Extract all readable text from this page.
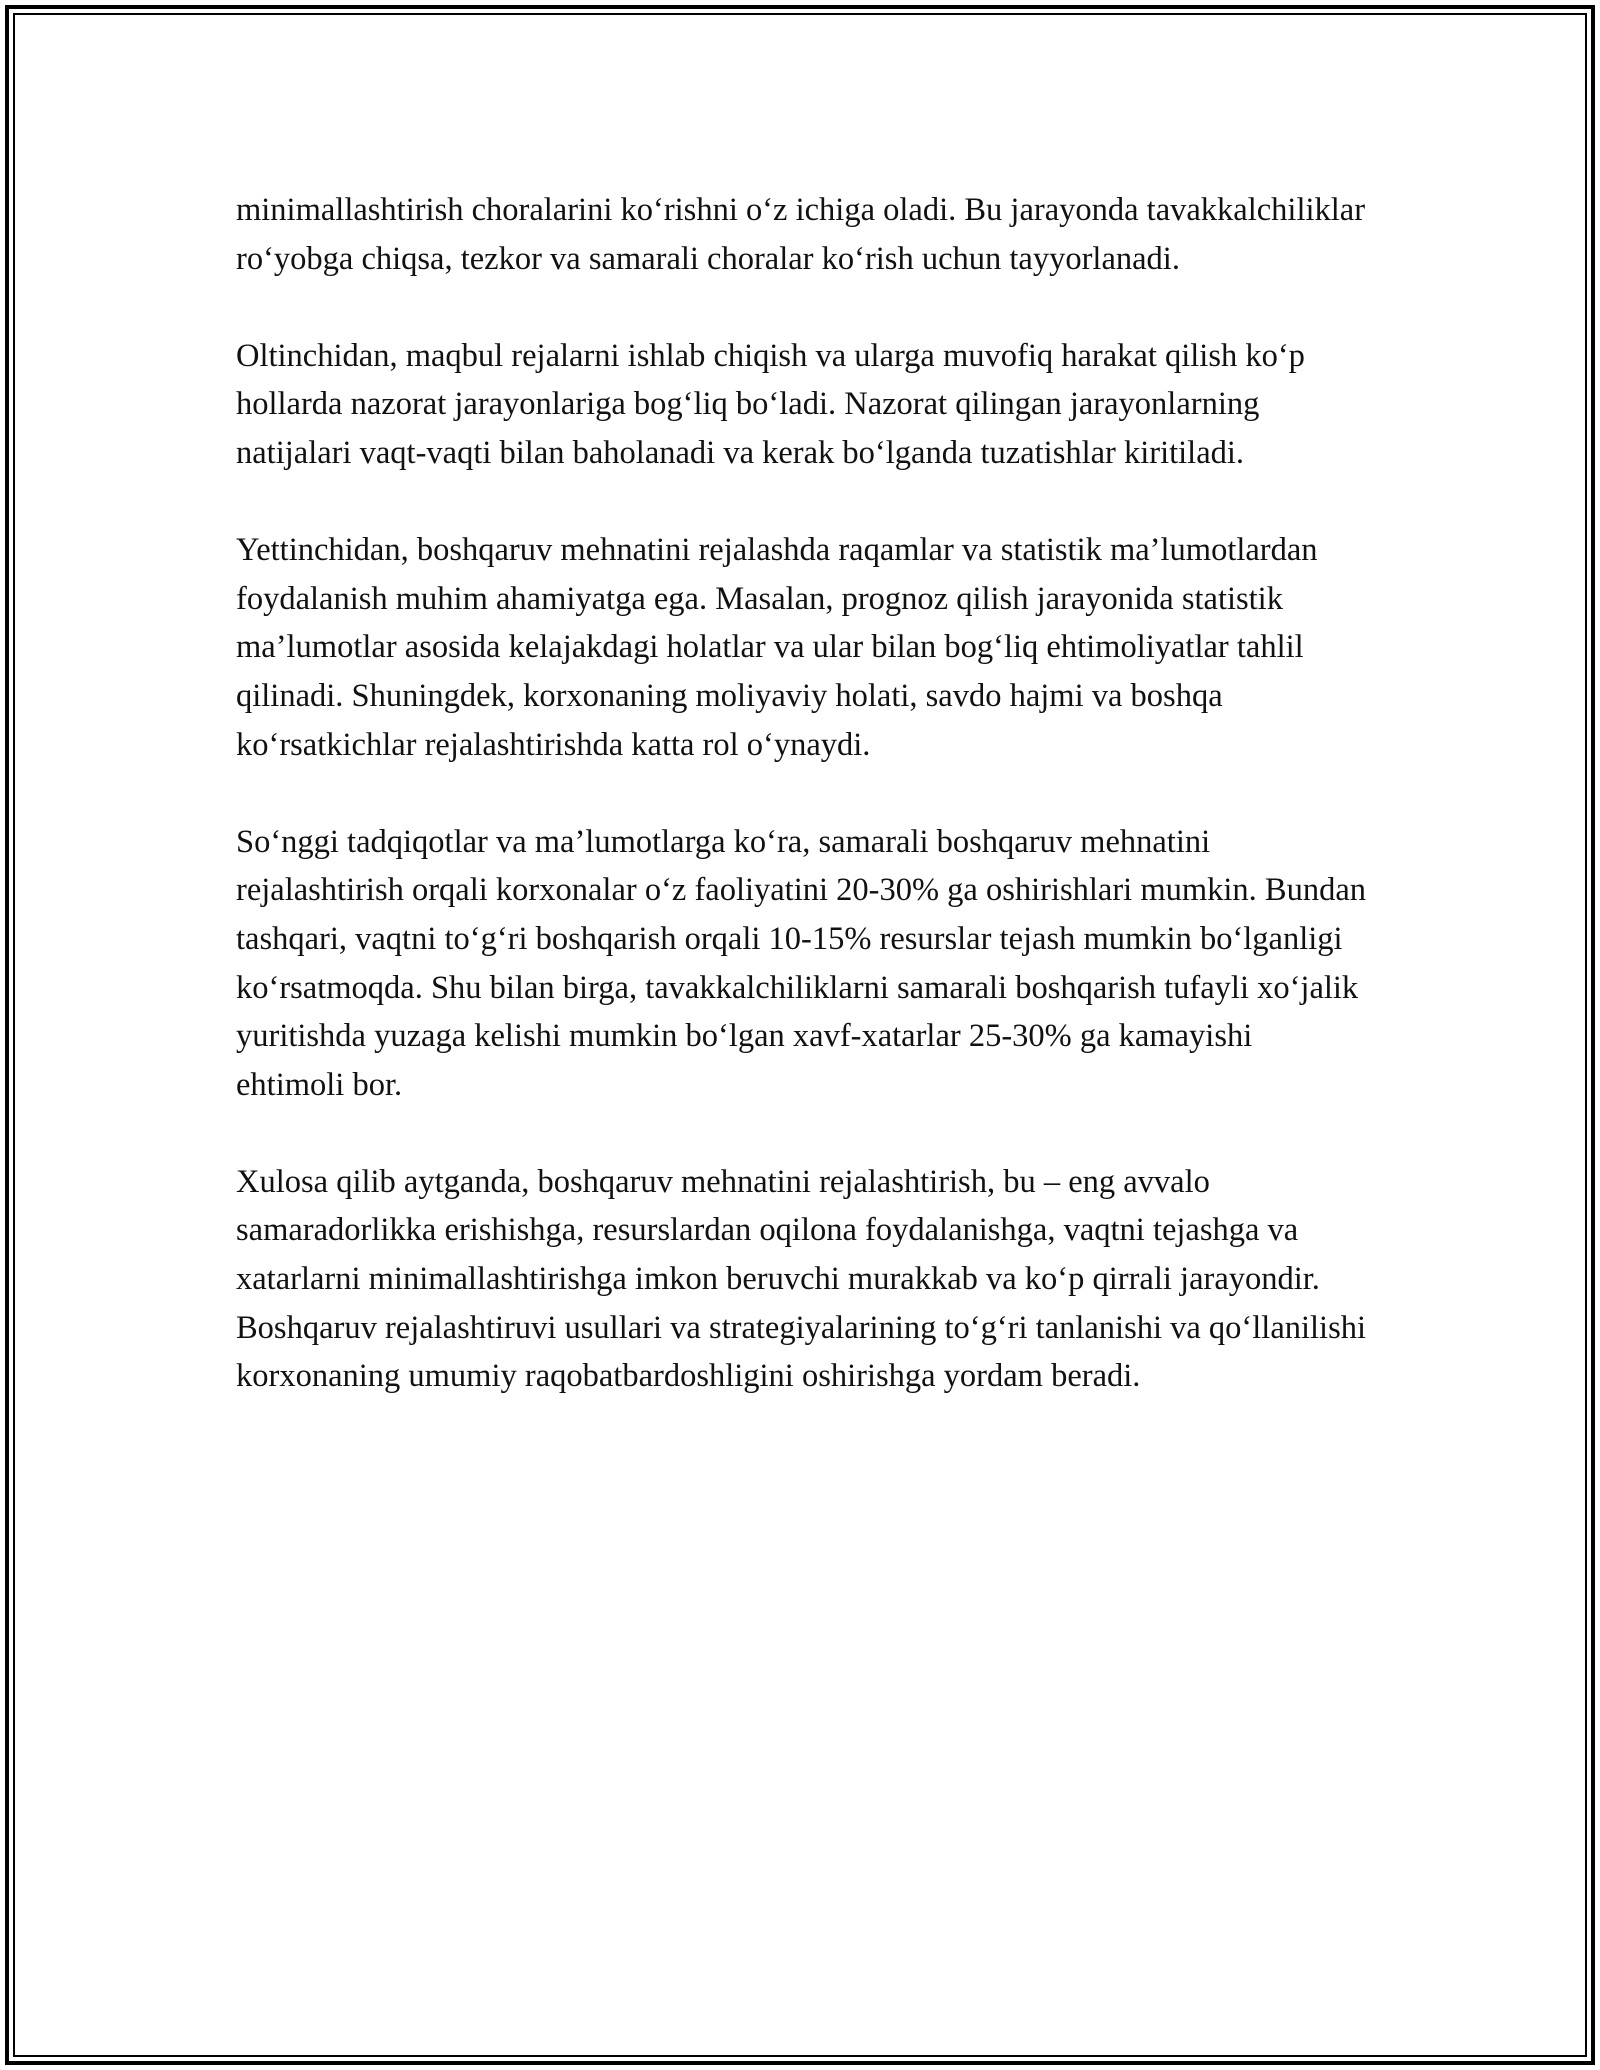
minimallashtirish choralarini ko‘rishni o‘z ichiga oladi. Bu jarayonda tavakkalchiliklar ro‘yobga chiqsa, tezkor va samarali choralar ko‘rish uchun tayyorlanadi.

Oltinchidan, maqbul rejalarni ishlab chiqish va ularga muvofiq harakat qilish ko‘p hollarda nazorat jarayonlariga bog‘liq bo‘ladi. Nazorat qilingan jarayonlarning natijalari vaqt-vaqti bilan baholanadi va kerak bo‘lganda tuzatishlar kiritiladi.

Yettinchidan, boshqaruv mehnatini rejalashda raqamlar va statistik ma’lumotlardan foydalanish muhim ahamiyatga ega. Masalan, prognoz qilish jarayonida statistik ma’lumotlar asosida kelajakdagi holatlar va ular bilan bog‘liq ehtimoliyatlar tahlil qilinadi. Shuningdek, korxonaning moliyaviy holati, savdo hajmi va boshqa ko‘rsatkichlar rejalashtirishda katta rol o‘ynaydi.

So‘nggi tadqiqotlar va ma’lumotlarga ko‘ra, samarali boshqaruv mehnatini rejalashtirish orqali korxonalar o‘z faoliyatini 20-30% ga oshirishlari mumkin. Bundan tashqari, vaqtni to‘g‘ri boshqarish orqali 10-15% resurslar tejash mumkin bo‘lganligi ko‘rsatmoqda. Shu bilan birga, tavakkalchiliklarni samarali boshqarish tufayli xo‘jalik yuritishda yuzaga kelishi mumkin bo‘lgan xavf-xatarlar 25-30% ga kamayishi ehtimoli bor.

Xulosa qilib aytganda, boshqaruv mehnatini rejalashtirish, bu – eng avvalo samaradorlikka erishishga, resurslardan oqilona foydalanishga, vaqtni tejashga va xatarlarni minimallashtirishga imkon beruvchi murakkab va ko‘p qirrali jarayondir. Boshqaruv rejalashtiruvi usullari va strategiyalarining to‘g‘ri tanlanishi va qo‘llanilishi korxonaning umumiy raqobatbardoshligini oshirishga yordam beradi.
